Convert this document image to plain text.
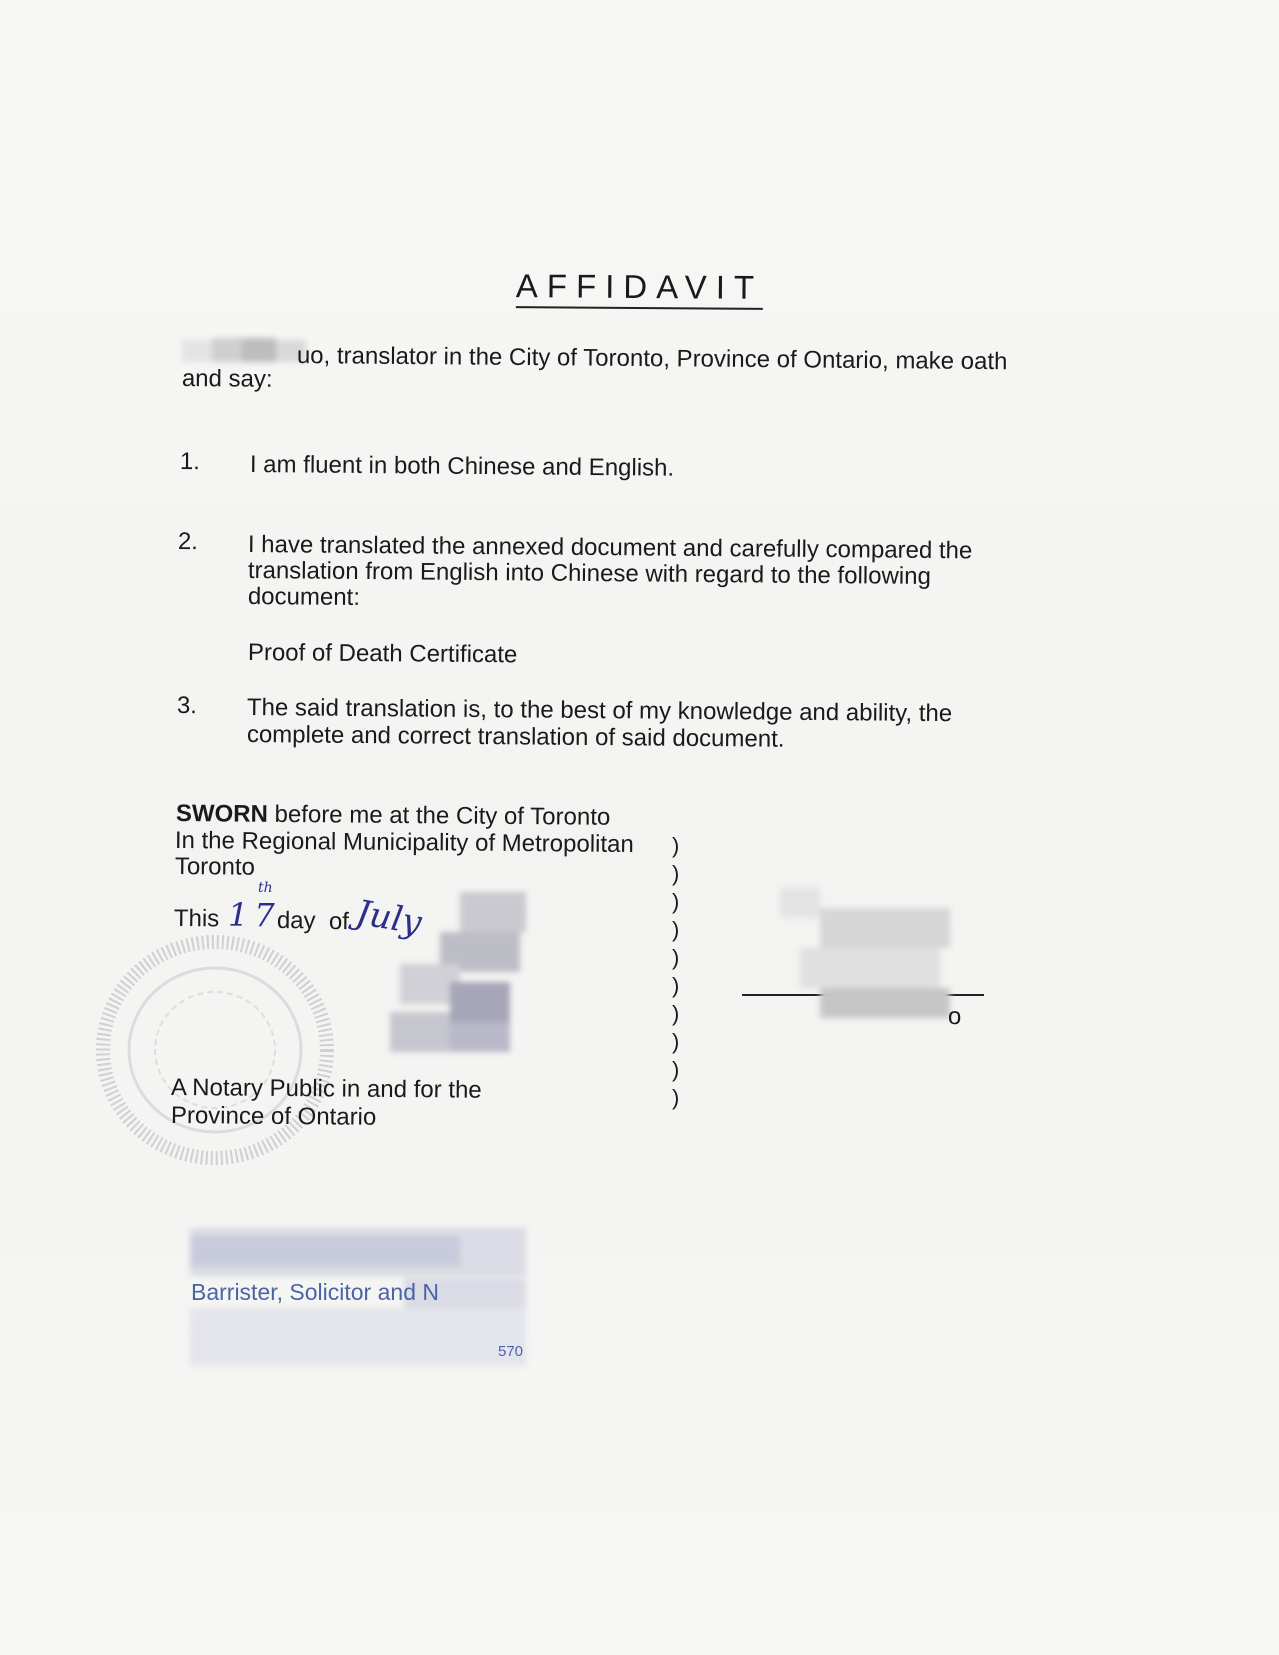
AFFIDAVIT
uo, translator in the City of Toronto, Province of Ontario, make oath
and say:
1. I am fluent in both Chinese and English.
2. I have translated the annexed document and carefully compared the
translation from English into Chinese with regard to the following
document:
Proof of Death Certificate
3. The said translation is, to the best of my knowledge and ability, the
complete and correct translation of said document.
SWORN before me at the City of Toronto
In the Regional Municipality of Metropolitan
Toronto
This 17
th
day of July
A Notary Public in and for the
Province of Ontario
)
)
)
)
)
)
)
)
)
)
o
Barrister, Solicitor and N
570
